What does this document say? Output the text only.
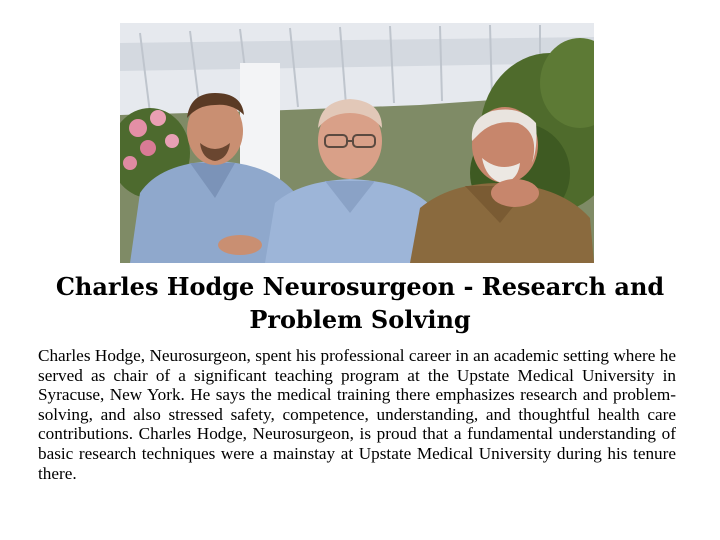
Charles Hodge Neurosurgeon - Research and Problem Solving

Charles Hodge, Neurosurgeon, spent his professional career in an academic setting where he served as chair of a significant teaching program at the Upstate Medical University in Syracuse, New York. He says the medical training there emphasizes research and problem-solving, and also stressed safety, competence, understanding, and thoughtful health care contributions. Charles Hodge, Neurosurgeon, is proud that a fundamental understanding of basic research techniques were a mainstay at Upstate Medical University during his tenure there.
